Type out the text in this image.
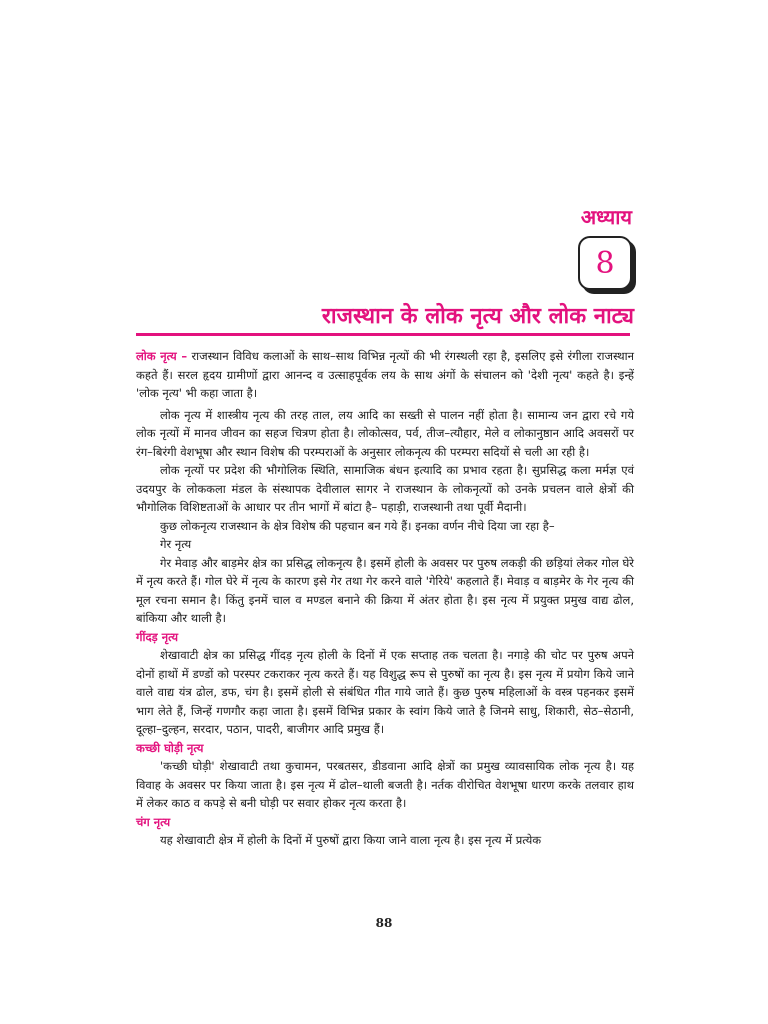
अध्याय
8
राजस्थान के लोक नृत्य और लोक नाट्य

लोक नृत्य – राजस्थान विविध कलाओं के साथ–साथ विभिन्न नृत्यों की भी रंगस्थली रहा है, इसलिए इसे रंगीला राजस्थान कहते हैं। सरल हृदय ग्रामीणों द्वारा आनन्द व उत्साहपूर्वक लय के साथ अंगों के संचालन को 'देशी नृत्य' कहते है। इन्हें 'लोक नृत्य' भी कहा जाता है।

लोक नृत्य में शास्त्रीय नृत्य की तरह ताल, लय आदि का सख्ती से पालन नहीं होता है। सामान्य जन द्वारा रचे गये लोक नृत्यों में मानव जीवन का सहज चित्रण होता है। लोकोत्सव, पर्व, तीज–त्यौहार, मेले व लोकानुष्ठान आदि अवसरों पर रंग–बिरंगी वेशभूषा और स्थान विशेष की परम्पराओं के अनुसार लोकनृत्य की परम्परा सदियों से चली आ रही है।

लोक नृत्यों पर प्रदेश की भौगोलिक स्थिति, सामाजिक बंधन इत्यादि का प्रभाव रहता है। सुप्रसिद्ध कला मर्मज्ञ एवं उदयपुर के लोककला मंडल के संस्थापक देवीलाल सागर ने राजस्थान के लोकनृत्यों को उनके प्रचलन वाले क्षेत्रों की भौगोलिक विशिष्टताओं के आधार पर तीन भागों में बांटा है– पहाड़ी, राजस्थानी तथा पूर्वी मैदानी।

कुछ लोकनृत्य राजस्थान के क्षेत्र विशेष की पहचान बन गये हैं। इनका वर्णन नीचे दिया जा रहा है–

गेर नृत्य

गेर मेवाड़ और बाड़मेर क्षेत्र का प्रसिद्ध लोकनृत्य है। इसमें होली के अवसर पर पुरुष लकड़ी की छड़ियां लेकर गोल घेरे में नृत्य करते हैं। गोल घेरे में नृत्य के कारण इसे गेर तथा गेर करने वाले 'गेरिये' कहलाते हैं। मेवाड़ व बाड़मेर के गेर नृत्य की मूल रचना समान है। किंतु इनमें चाल व मण्डल बनाने की क्रिया में अंतर होता है। इस नृत्य में प्रयुक्त प्रमुख वाद्य ढोल, बांकिया और थाली है।

गींदड़ नृत्य

शेखावाटी क्षेत्र का प्रसिद्ध गींदड़ नृत्य होली के दिनों में एक सप्ताह तक चलता है। नगाड़े की चोट पर पुरुष अपने दोनों हाथों में डण्डों को परस्पर टकराकर नृत्य करते हैं। यह विशुद्ध रूप से पुरुषों का नृत्य है। इस नृत्य में प्रयोग किये जाने वाले वाद्य यंत्र ढोल, डफ, चंग है। इसमें होली से संबंधित गीत गाये जाते हैं। कुछ पुरुष महिलाओं के वस्त्र पहनकर इसमें भाग लेते हैं, जिन्हें गणगौर कहा जाता है। इसमें विभिन्न प्रकार के स्वांग किये जाते है जिनमे साधु, शिकारी, सेठ–सेठानी, दूल्हा–दुल्हन, सरदार, पठान, पादरी, बाजीगर आदि प्रमुख हैं।

कच्छी घोड़ी नृत्य

'कच्छी घोड़ी' शेखावाटी तथा कुचामन, परबतसर, डीडवाना आदि क्षेत्रों का प्रमुख व्यावसायिक लोक नृत्य है। यह विवाह के अवसर पर किया जाता है। इस नृत्य में ढोल–थाली बजती है। नर्तक वीरोचित वेशभूषा धारण करके तलवार हाथ में लेकर काठ व कपड़े से बनी घोड़ी पर सवार होकर नृत्य करता है।

चंग नृत्य

यह शेखावाटी क्षेत्र में होली के दिनों में पुरुषों द्वारा किया जाने वाला नृत्य है। इस नृत्य में प्रत्येक

88
